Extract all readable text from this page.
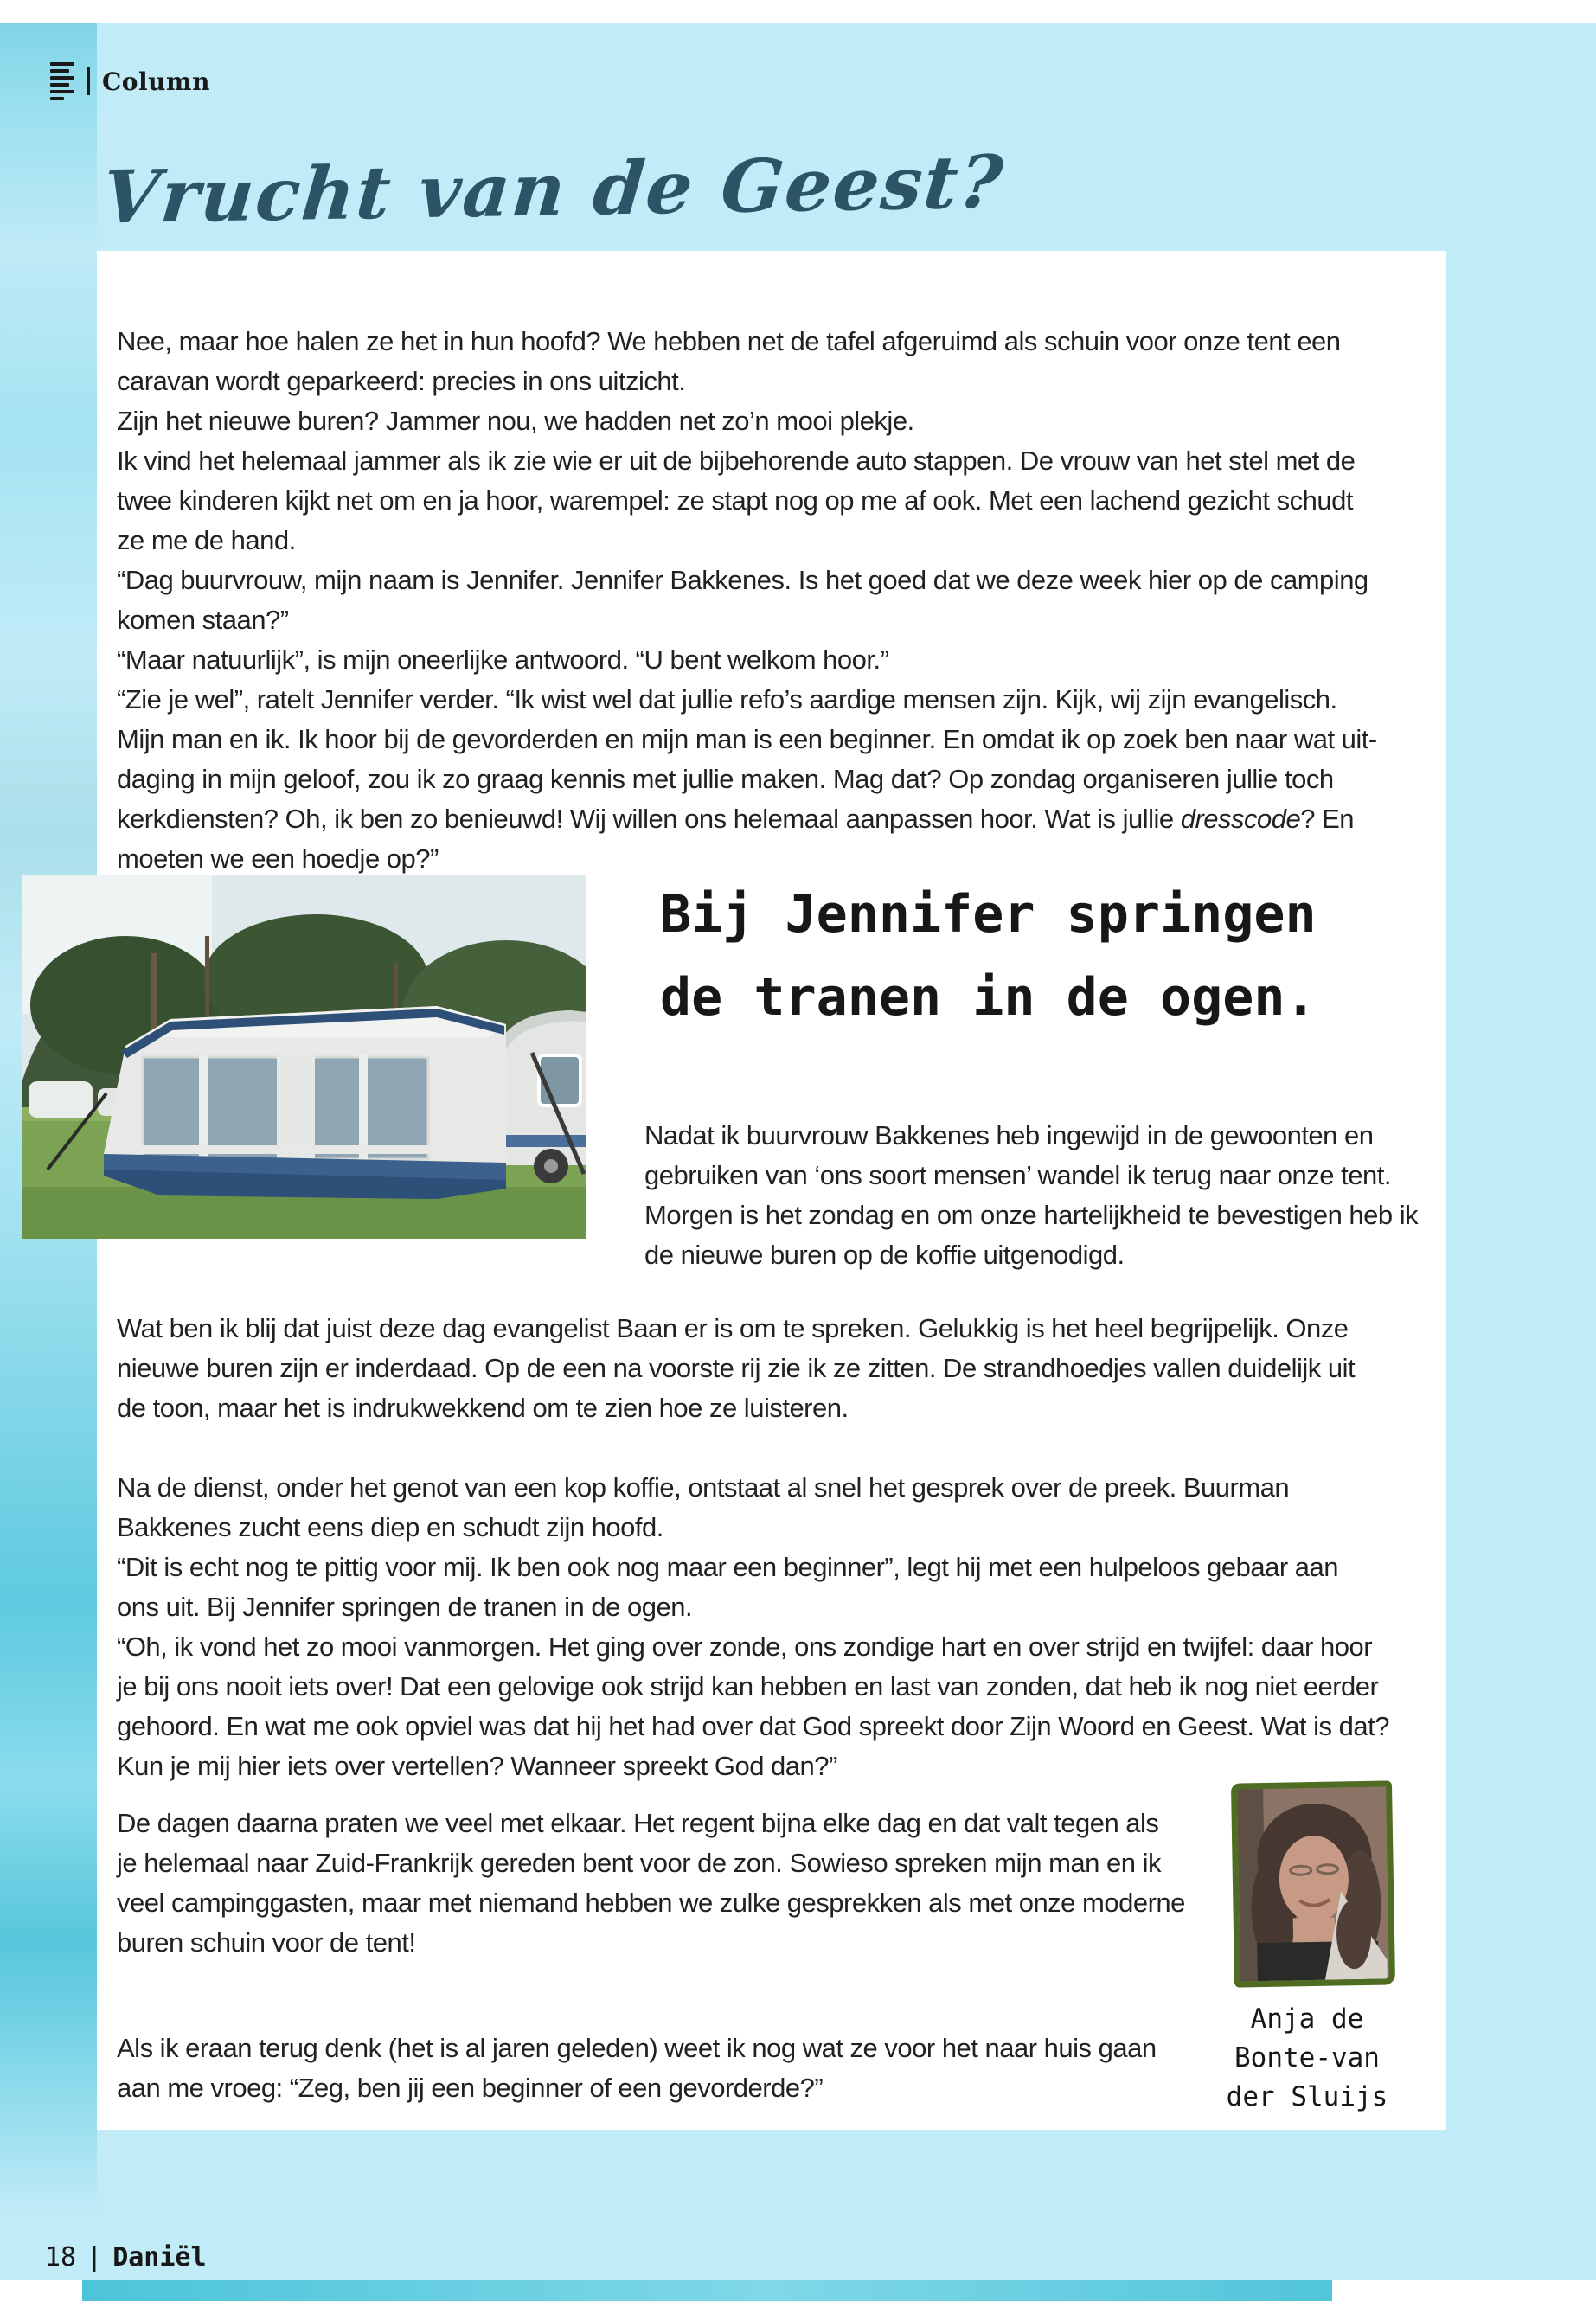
Column
Vrucht van de Geest?
Nee, maar hoe halen ze het in hun hoofd? We hebben net de tafel afgeruimd als schuin voor onze tent een
caravan wordt geparkeerd: precies in ons uitzicht.
Zijn het nieuwe buren? Jammer nou, we hadden net zo’n mooi plekje.
Ik vind het helemaal jammer als ik zie wie er uit de bijbehorende auto stappen. De vrouw van het stel met de
twee kinderen kijkt net om en ja hoor, warempel: ze stapt nog op me af ook. Met een lachend gezicht schudt
ze me de hand.
“Dag buurvrouw, mijn naam is Jennifer. Jennifer Bakkenes. Is het goed dat we deze week hier op de camping
komen staan?”
“Maar natuurlijk”, is mijn oneerlijke antwoord. “U bent welkom hoor.”
“Zie je wel”, ratelt Jennifer verder. “Ik wist wel dat jullie refo’s aardige mensen zijn. Kijk, wij zijn evangelisch.
Mijn man en ik. Ik hoor bij de gevorderden en mijn man is een beginner. En omdat ik op zoek ben naar wat uit-
daging in mijn geloof, zou ik zo graag kennis met jullie maken. Mag dat? Op zondag organiseren jullie toch
kerkdiensten? Oh, ik ben zo benieuwd! Wij willen ons helemaal aanpassen hoor. Wat is jullie dresscode? En
moeten we een hoedje op?”
Bij Jennifer springen
de tranen in de ogen.
Nadat ik buurvrouw Bakkenes heb ingewijd in de gewoonten en
gebruiken van ‘ons soort mensen’ wandel ik terug naar onze tent.
Morgen is het zondag en om onze hartelijkheid te bevestigen heb ik
de nieuwe buren op de koffie uitgenodigd.
Wat ben ik blij dat juist deze dag evangelist Baan er is om te spreken. Gelukkig is het heel begrijpelijk. Onze
nieuwe buren zijn er inderdaad. Op de een na voorste rij zie ik ze zitten. De strandhoedjes vallen duidelijk uit
de toon, maar het is indrukwekkend om te zien hoe ze luisteren.
Na de dienst, onder het genot van een kop koffie, ontstaat al snel het gesprek over de preek. Buurman
Bakkenes zucht eens diep en schudt zijn hoofd.
“Dit is echt nog te pittig voor mij. Ik ben ook nog maar een beginner”, legt hij met een hulpeloos gebaar aan
ons uit. Bij Jennifer springen de tranen in de ogen.
“Oh, ik vond het zo mooi vanmorgen. Het ging over zonde, ons zondige hart en over strijd en twijfel: daar hoor
je bij ons nooit iets over! Dat een gelovige ook strijd kan hebben en last van zonden, dat heb ik nog niet eerder
gehoord. En wat me ook opviel was dat hij het had over dat God spreekt door Zijn Woord en Geest. Wat is dat?
Kun je mij hier iets over vertellen? Wanneer spreekt God dan?”
De dagen daarna praten we veel met elkaar. Het regent bijna elke dag en dat valt tegen als
je helemaal naar Zuid-Frankrijk gereden bent voor de zon. Sowieso spreken mijn man en ik
veel campinggasten, maar met niemand hebben we zulke gesprekken als met onze moderne
buren schuin voor de tent!
Als ik eraan terug denk (het is al jaren geleden) weet ik nog wat ze voor het naar huis gaan
aan me vroeg: “Zeg, ben jij een beginner of een gevorderde?”
Anja de
Bonte-van
der Sluijs
18 | Daniël
